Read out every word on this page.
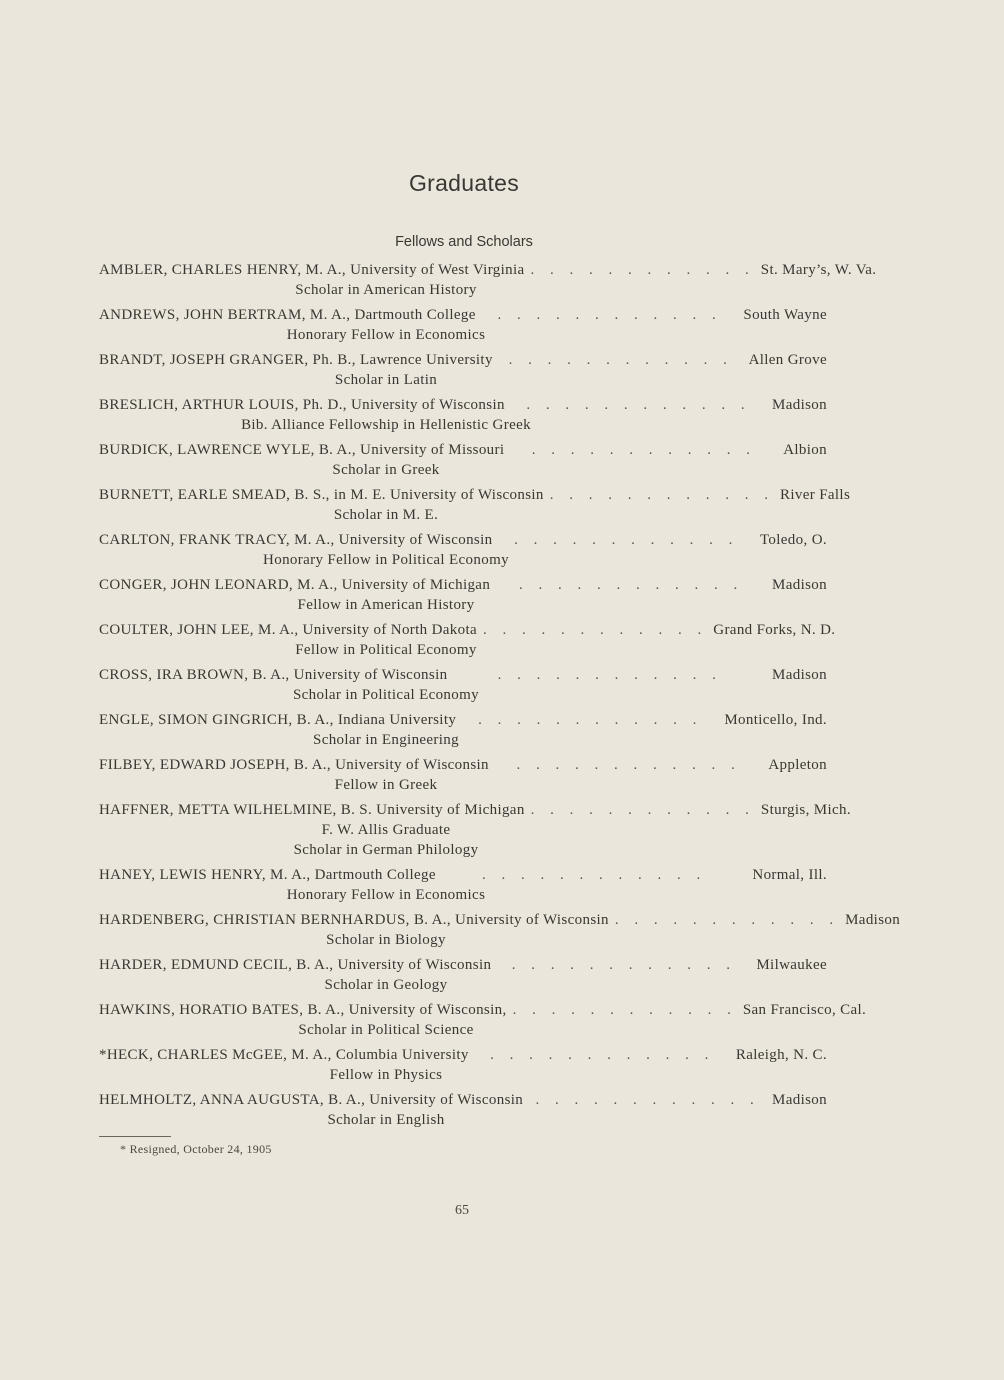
Graduates
Fellows and Scholars
AMBLER, CHARLES HENRY, M. A., University of West Virginia . . . . . . . . . . . . St. Mary’s, W. Va.
Scholar in American History
ANDREWS, JOHN BERTRAM, M. A., Dartmouth College	. . . . . . . . . . . .	South Wayne
Honorary Fellow in Economics
BRANDT, JOSEPH GRANGER, Ph. B., Lawrence University	. . . . . . . . . . . .	Allen Grove
Scholar in Latin
BRESLICH, ARTHUR LOUIS, Ph. D., University of Wisconsin	. . . . . . . . . . . .	Madison
Bib. Alliance Fellowship in Hellenistic Greek
BURDICK, LAWRENCE WYLE, B. A., University of Missouri	. . . . . . . . . . . .	Albion
Scholar in Greek
BURNETT, EARLE SMEAD, B. S., in M. E. University of Wisconsin . . . . . . . . . . . . River Falls
Scholar in M. E.
CARLTON, FRANK TRACY, M. A., University of Wisconsin	. . . . . . . . . . . .	Toledo, O.
Honorary Fellow in Political Economy
CONGER, JOHN LEONARD, M. A., University of Michigan	. . . . . . . . . . . .	Madison
Fellow in American History
COULTER, JOHN LEE, M. A., University of North Dakota . . . . . . . . . . . . Grand Forks, N. D.
Fellow in Political Economy
CROSS, IRA BROWN, B. A., University of Wisconsin	. . . . . . . . . . . .	Madison
Scholar in Political Economy
ENGLE, SIMON GINGRICH, B. A., Indiana University	. . . . . . . . . . . .	Monticello, Ind.
Scholar in Engineering
FILBEY, EDWARD JOSEPH, B. A., University of Wisconsin	. . . . . . . . . . . .	Appleton
Fellow in Greek
HAFFNER, METTA WILHELMINE, B. S. University of Michigan . . . . . . . . . . . . Sturgis, Mich.
F. W. Allis Graduate
Scholar in German Philology
HANEY, LEWIS HENRY, M. A., Dartmouth College	. . . . . . . . . . . .	Normal, Ill.
Honorary Fellow in Economics
HARDENBERG, CHRISTIAN BERNHARDUS, B. A., University of Wisconsin . . . . . . . . . . . . Madison
Scholar in Biology
HARDER, EDMUND CECIL, B. A., University of Wisconsin	. . . . . . . . . . . .	Milwaukee
Scholar in Geology
HAWKINS, HORATIO BATES, B. A., University of Wisconsin, . . . . . . . . . . . . San Francisco, Cal.
Scholar in Political Science
*HECK, CHARLES McGEE, M. A., Columbia University	. . . . . . . . . . . .	Raleigh, N. C.
Fellow in Physics
HELMHOLTZ, ANNA AUGUSTA, B. A., University of Wisconsin . . . . . . . . . . . . Madison
Scholar in English
* Resigned, October 24, 1905
65
